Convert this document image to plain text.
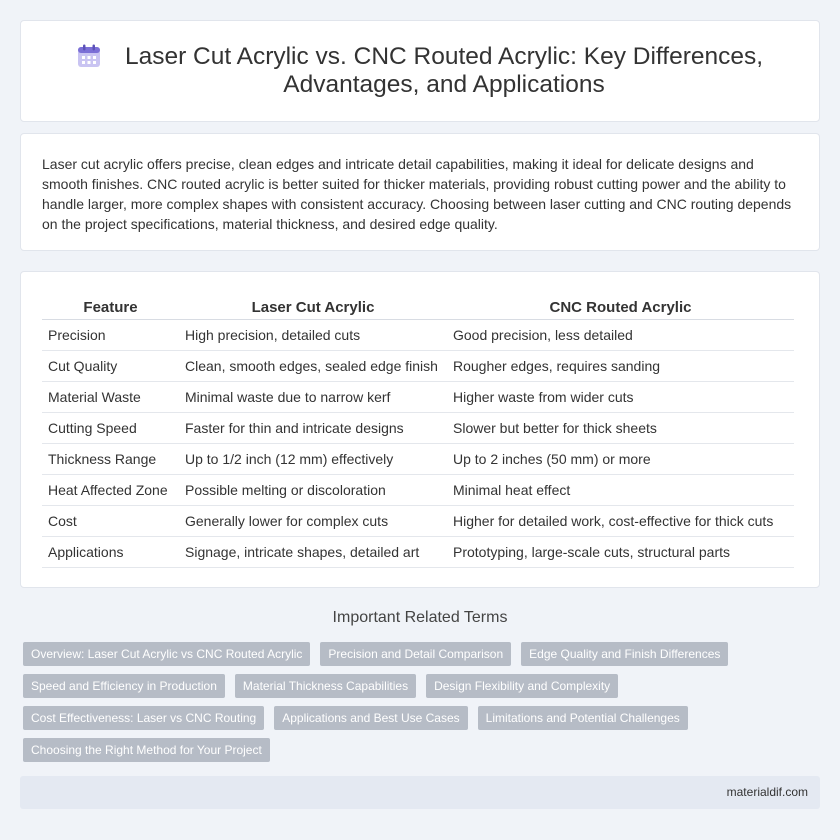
Laser Cut Acrylic vs. CNC Routed Acrylic: Key Differences, Advantages, and Applications

Laser cut acrylic offers precise, clean edges and intricate detail capabilities, making it ideal for delicate designs and smooth finishes. CNC routed acrylic is better suited for thicker materials, providing robust cutting power and the ability to handle larger, more complex shapes with consistent accuracy. Choosing between laser cutting and CNC routing depends on the project specifications, material thickness, and desired edge quality.

Feature	Laser Cut Acrylic	CNC Routed Acrylic
Precision	High precision, detailed cuts	Good precision, less detailed
Cut Quality	Clean, smooth edges, sealed edge finish	Rougher edges, requires sanding
Material Waste	Minimal waste due to narrow kerf	Higher waste from wider cuts
Cutting Speed	Faster for thin and intricate designs	Slower but better for thick sheets
Thickness Range	Up to 1/2 inch (12 mm) effectively	Up to 2 inches (50 mm) or more
Heat Affected Zone	Possible melting or discoloration	Minimal heat effect
Cost	Generally lower for complex cuts	Higher for detailed work, cost-effective for thick cuts
Applications	Signage, intricate shapes, detailed art	Prototyping, large-scale cuts, structural parts
Important Related Terms
Overview: Laser Cut Acrylic vs CNC Routed Acrylic	Precision and Detail Comparison	Edge Quality and Finish Differences
Speed and Efficiency in Production	Material Thickness Capabilities	Design Flexibility and Complexity
Cost Effectiveness: Laser vs CNC Routing	Applications and Best Use Cases	Limitations and Potential Challenges
Choosing the Right Method for Your Project
materialdif.com
